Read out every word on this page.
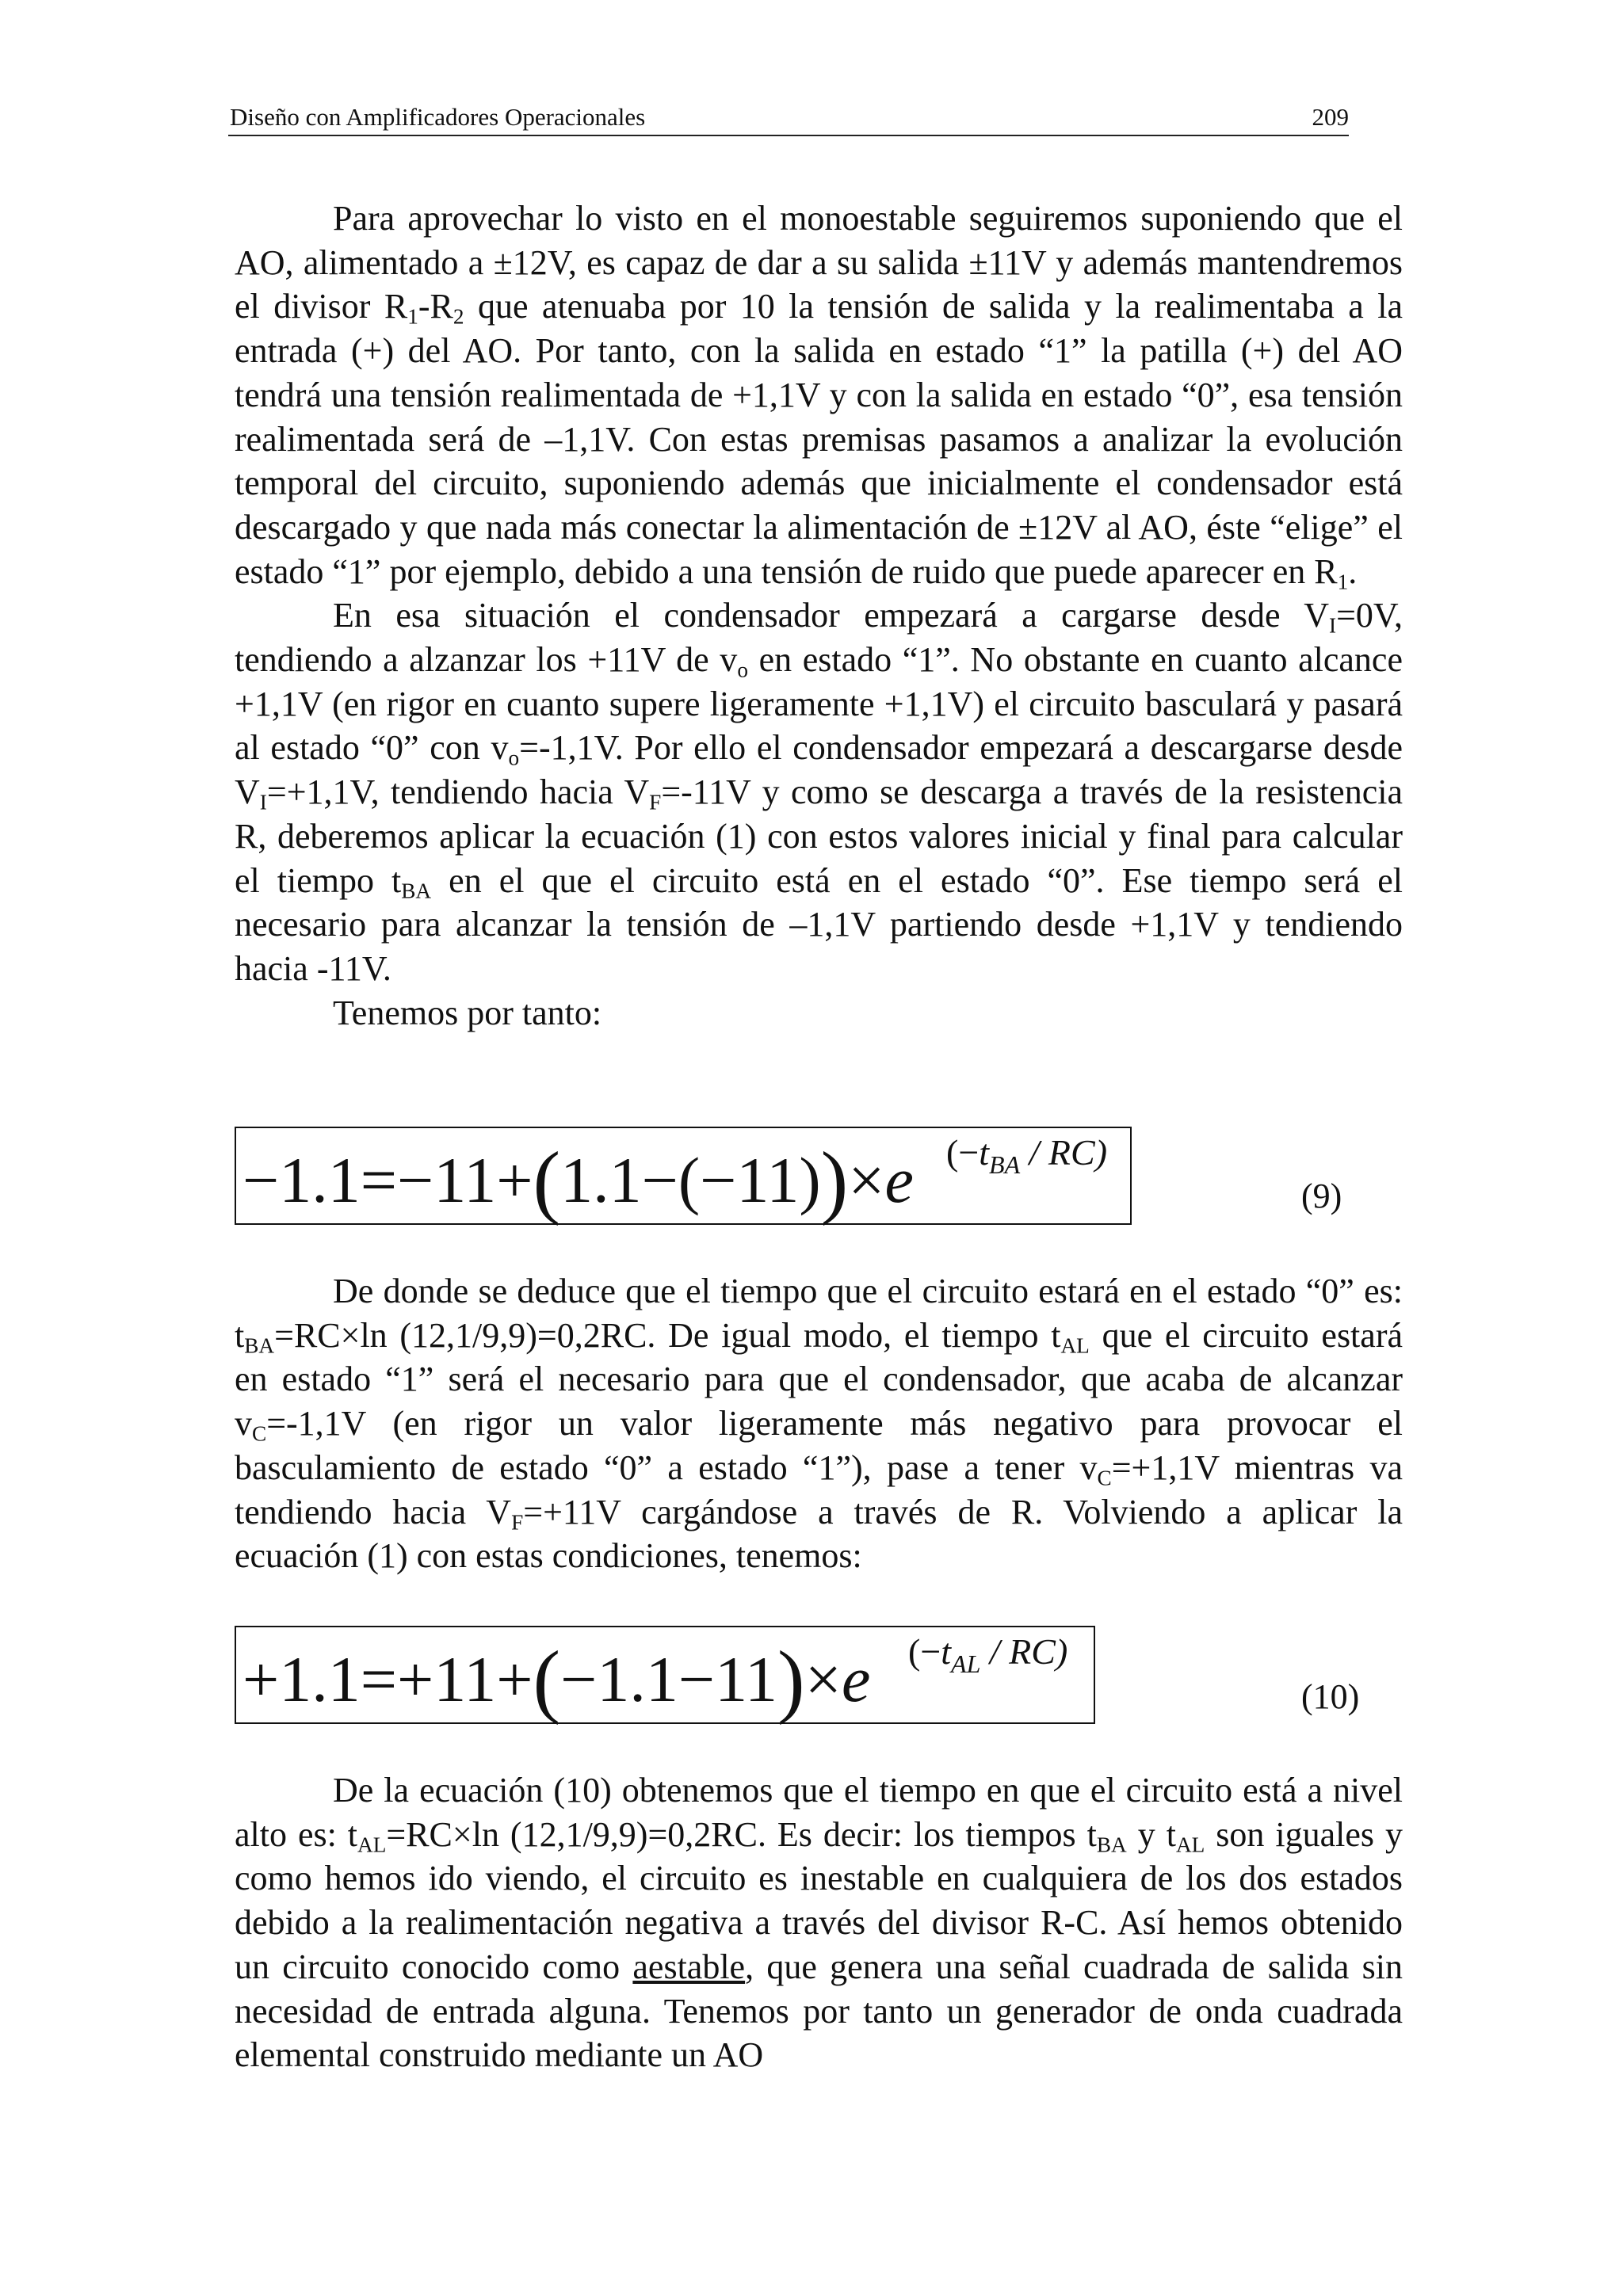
Diseño con Amplificadores Operacionales	209

Para aprovechar lo visto en el monoestable seguiremos suponiendo que el AO, alimentado a ±12V, es capaz de dar a su salida ±11V y además mantendremos el divisor $R_1-R_2$ que atenuaba por 10 la tensión de salida y la realimentaba a la entrada (+) del AO. Por tanto, con la salida en estado “1” la patilla (+) del AO tendrá una tensión realimentada de +1,1V y con la salida en estado “0”, esa tensión realimentada será de –1,1V. Con estas premisas pasamos a analizar la evolución temporal del circuito, suponiendo además que inicialmente el condensador está descargado y que nada más conectar la alimentación de ±12V al AO, éste “elige” el estado “1” por ejemplo, debido a una tensión de ruido que puede aparecer en $R_1$.

En esa situación el condensador empezará a cargarse desde $V_I=0V$, tendiendo a alzanzar los +11V de $v_o$ en estado “1”. No obstante en cuanto alcance +1,1V (en rigor en cuanto supere ligeramente +1,1V) el circuito basculará y pasará al estado “0” con $v_o=-1,1V$. Por ello el condensador empezará a descargarse desde $V_I=+1,1V$, tendiendo hacia $V_F=-11V$ y como se descarga a través de la resistencia R, deberemos aplicar la ecuación (1) con estos valores inicial y final para calcular el tiempo $t_{BA}$ en el que el circuito está en el estado “0”. Ese tiempo será el necesario para alcanzar la tensión de –1,1V partiendo desde +1,1V y tendiendo hacia -11V.

Tenemos por tanto:

−1.1=−11+(1.1−(−11))×e $(-t_{BA} / RC)$
(9)

De donde se deduce que el tiempo que el circuito estará en el estado “0” es: $t_{BA}=RC\times\ln$ (12,1/9,9)=0,2RC. De igual modo, el tiempo $t_{AL}$ que el circuito estará en estado “1” será el necesario para que el condensador, que acaba de alcanzar $v_C=-1,1V$ (en rigor un valor ligeramente más negativo para provocar el basculamiento de estado “0” a estado “1”), pase a tener $v_C=+1,1V$ mientras va tendiendo hacia $V_F=+11V$ cargándose a través de R. Volviendo a aplicar la ecuación (1) con estas condiciones, tenemos:

+1.1=+11+(−1.1−11)×e $(-t_{AL} / RC)$
(10)

De la ecuación (10) obtenemos que el tiempo en que el circuito está a nivel alto es: $t_{AL}=RC\times\ln$ (12,1/9,9)=0,2RC. Es decir: los tiempos $t_{BA}$ y $t_{AL}$ son iguales y como hemos ido viendo, el circuito es inestable en cualquiera de los dos estados debido a la realimentación negativa a través del divisor R-C. Así hemos obtenido un circuito conocido como aestable, que genera una señal cuadrada de salida sin necesidad de entrada alguna. Tenemos por tanto un generador de onda cuadrada elemental construido mediante un AO
